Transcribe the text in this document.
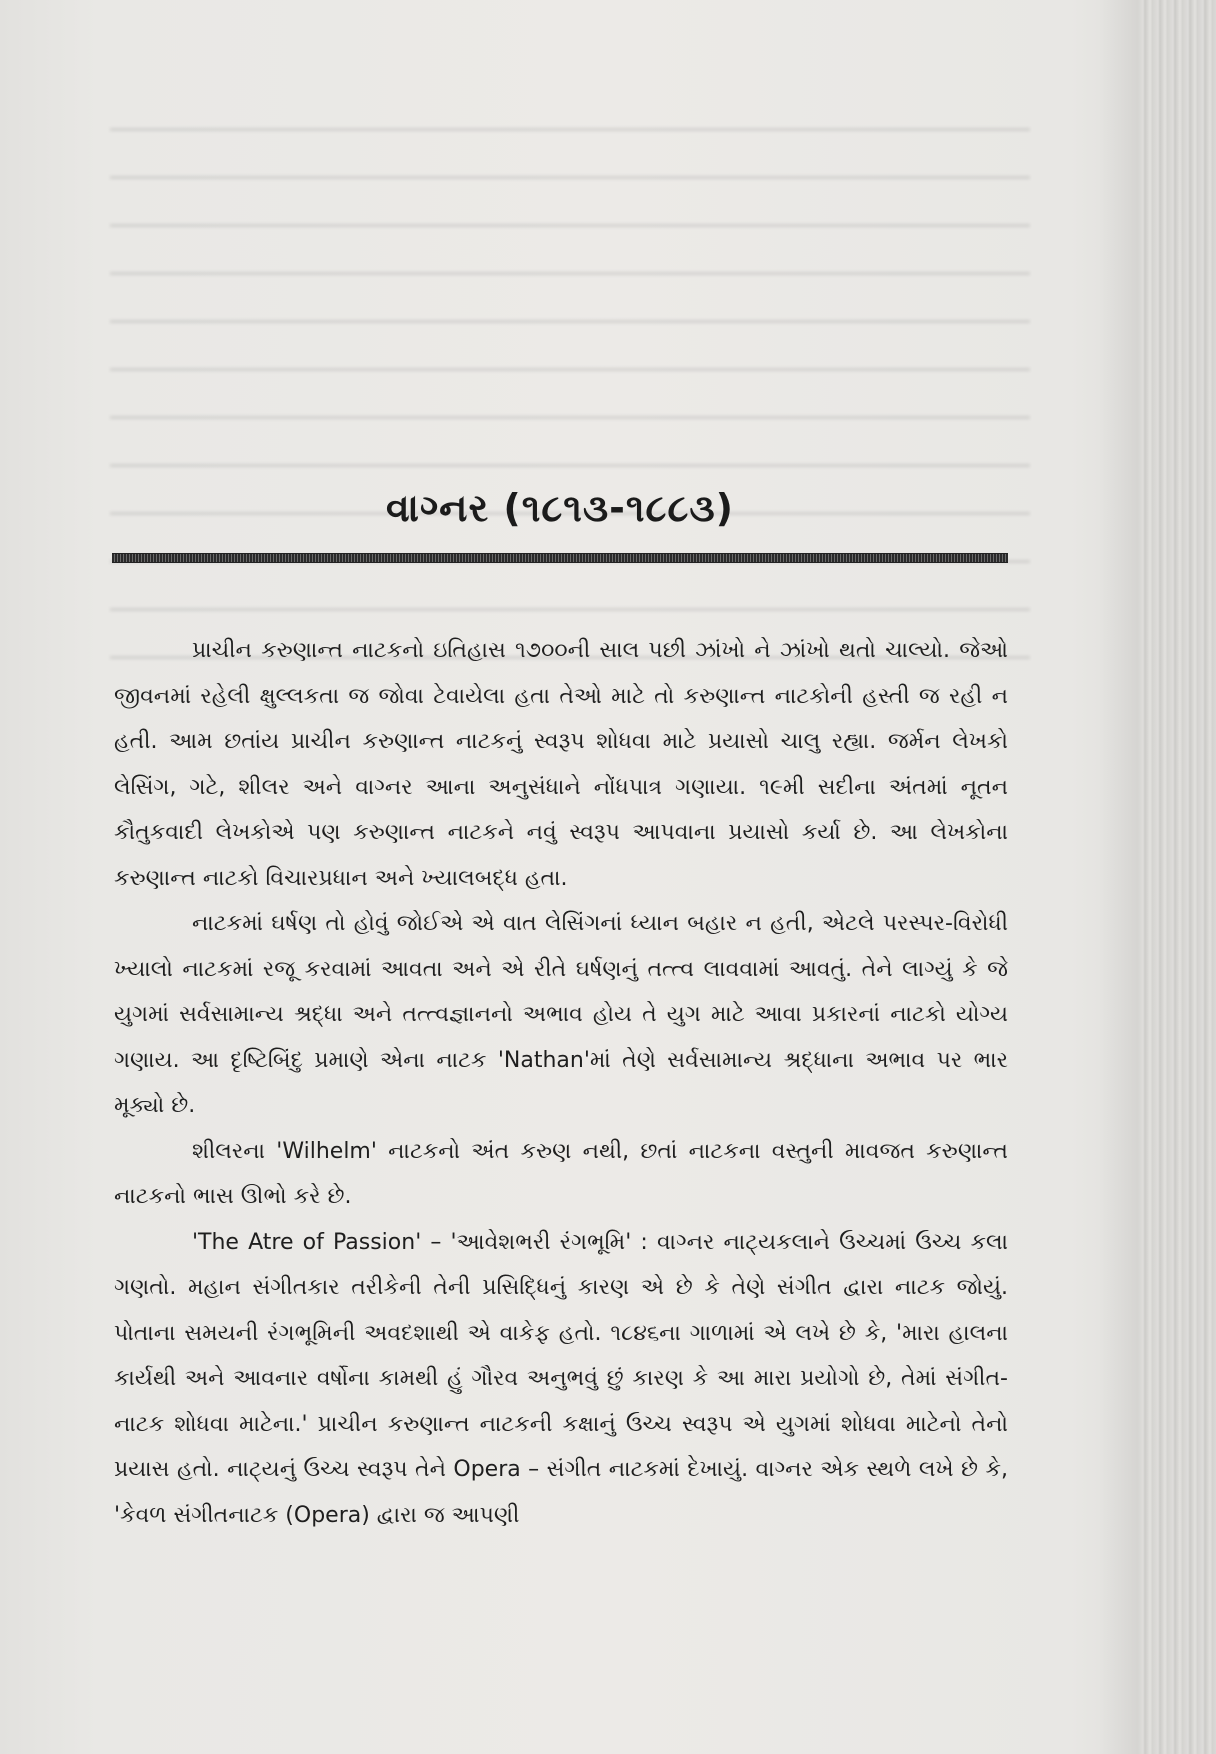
વાગ્નર (૧૮૧૩-૧૮૮૩)

પ્રાચીન કરુણાન્ત નાટકનો ઇતિહાસ ૧૭૦૦ની સાલ પછી ઝાંખો ને ઝાંખો થતો ચાલ્યો. જેઓ જીવનમાં રહેલી ક્ષુલ્લકતા જ જોવા ટેવાયેલા હતા તેઓ માટે તો કરુણાન્ત નાટકોની હસ્તી જ રહી ન હતી. આમ છતાંય પ્રાચીન કરુણાન્ત નાટકનું સ્વરૂપ શોધવા માટે પ્રયાસો ચાલુ રહ્યા. જર્મન લેખકો લેસિંગ, ગટે, શીલર અને વાગ્નર આના અનુસંધાને નોંધપાત્ર ગણાયા. ૧૯મી સદીના અંતમાં નૂતન કૌતુકવાદી લેખકોએ પણ કરુણાન્ત નાટકને નવું સ્વરૂપ આપવાના પ્રયાસો કર્યા છે. આ લેખકોના કરુણાન્ત નાટકો વિચારપ્રધાન અને ખ્યાલબદ્ધ હતા.

નાટકમાં ઘર્ષણ તો હોવું જોઈએ એ વાત લેસિંગનાં ધ્યાન બહાર ન હતી, એટલે પરસ્પર-વિરોધી ખ્યાલો નાટકમાં રજૂ કરવામાં આવતા અને એ રીતે ઘર્ષણનું તત્ત્વ લાવવામાં આવતું. તેને લાગ્યું કે જે યુગમાં સર્વસામાન્ય શ્રદ્ધા અને તત્ત્વજ્ઞાનનો અભાવ હોય તે યુગ માટે આવા પ્રકારનાં નાટકો યોગ્ય ગણાય. આ દૃષ્ટિબિંદુ પ્રમાણે એના નાટક 'Nathan'માં તેણે સર્વસામાન્ય શ્રદ્ધાના અભાવ પર ભાર મૂક્યો છે.

શીલરના 'Wilhelm' નાટકનો અંત કરુણ નથી, છતાં નાટકના વસ્તુની માવજત કરુણાન્ત નાટકનો ભાસ ઊભો કરે છે.

'The Atre of Passion' – 'આવેશભરી રંગભૂમિ' : વાગ્નર નાટ્યકલાને ઉચ્ચમાં ઉચ્ચ કલા ગણતો. મહાન સંગીતકાર તરીકેની તેની પ્રસિદ્ધિનું કારણ એ છે કે તેણે સંગીત દ્વારા નાટક જોયું. પોતાના સમયની રંગભૂમિની અવદશાથી એ વાકેફ હતો. ૧૮૪૬ના ગાળામાં એ લખે છે કે, 'મારા હાલના કાર્યથી અને આવનાર વર્ષોના કામથી હું ગૌરવ અનુભવું છું કારણ કે આ મારા પ્રયોગો છે, તેમાં સંગીત-નાટક શોધવા માટેના.' પ્રાચીન કરુણાન્ત નાટકની કક્ષાનું ઉચ્ચ સ્વરૂપ એ યુગમાં શોધવા માટેનો તેનો પ્રયાસ હતો. નાટ્યનું ઉચ્ચ સ્વરૂપ તેને Opera – સંગીત નાટકમાં દેખાયું. વાગ્નર એક સ્થળે લખે છે કે, 'કેવળ સંગીતનાટક (Opera) દ્વારા જ આપણી
